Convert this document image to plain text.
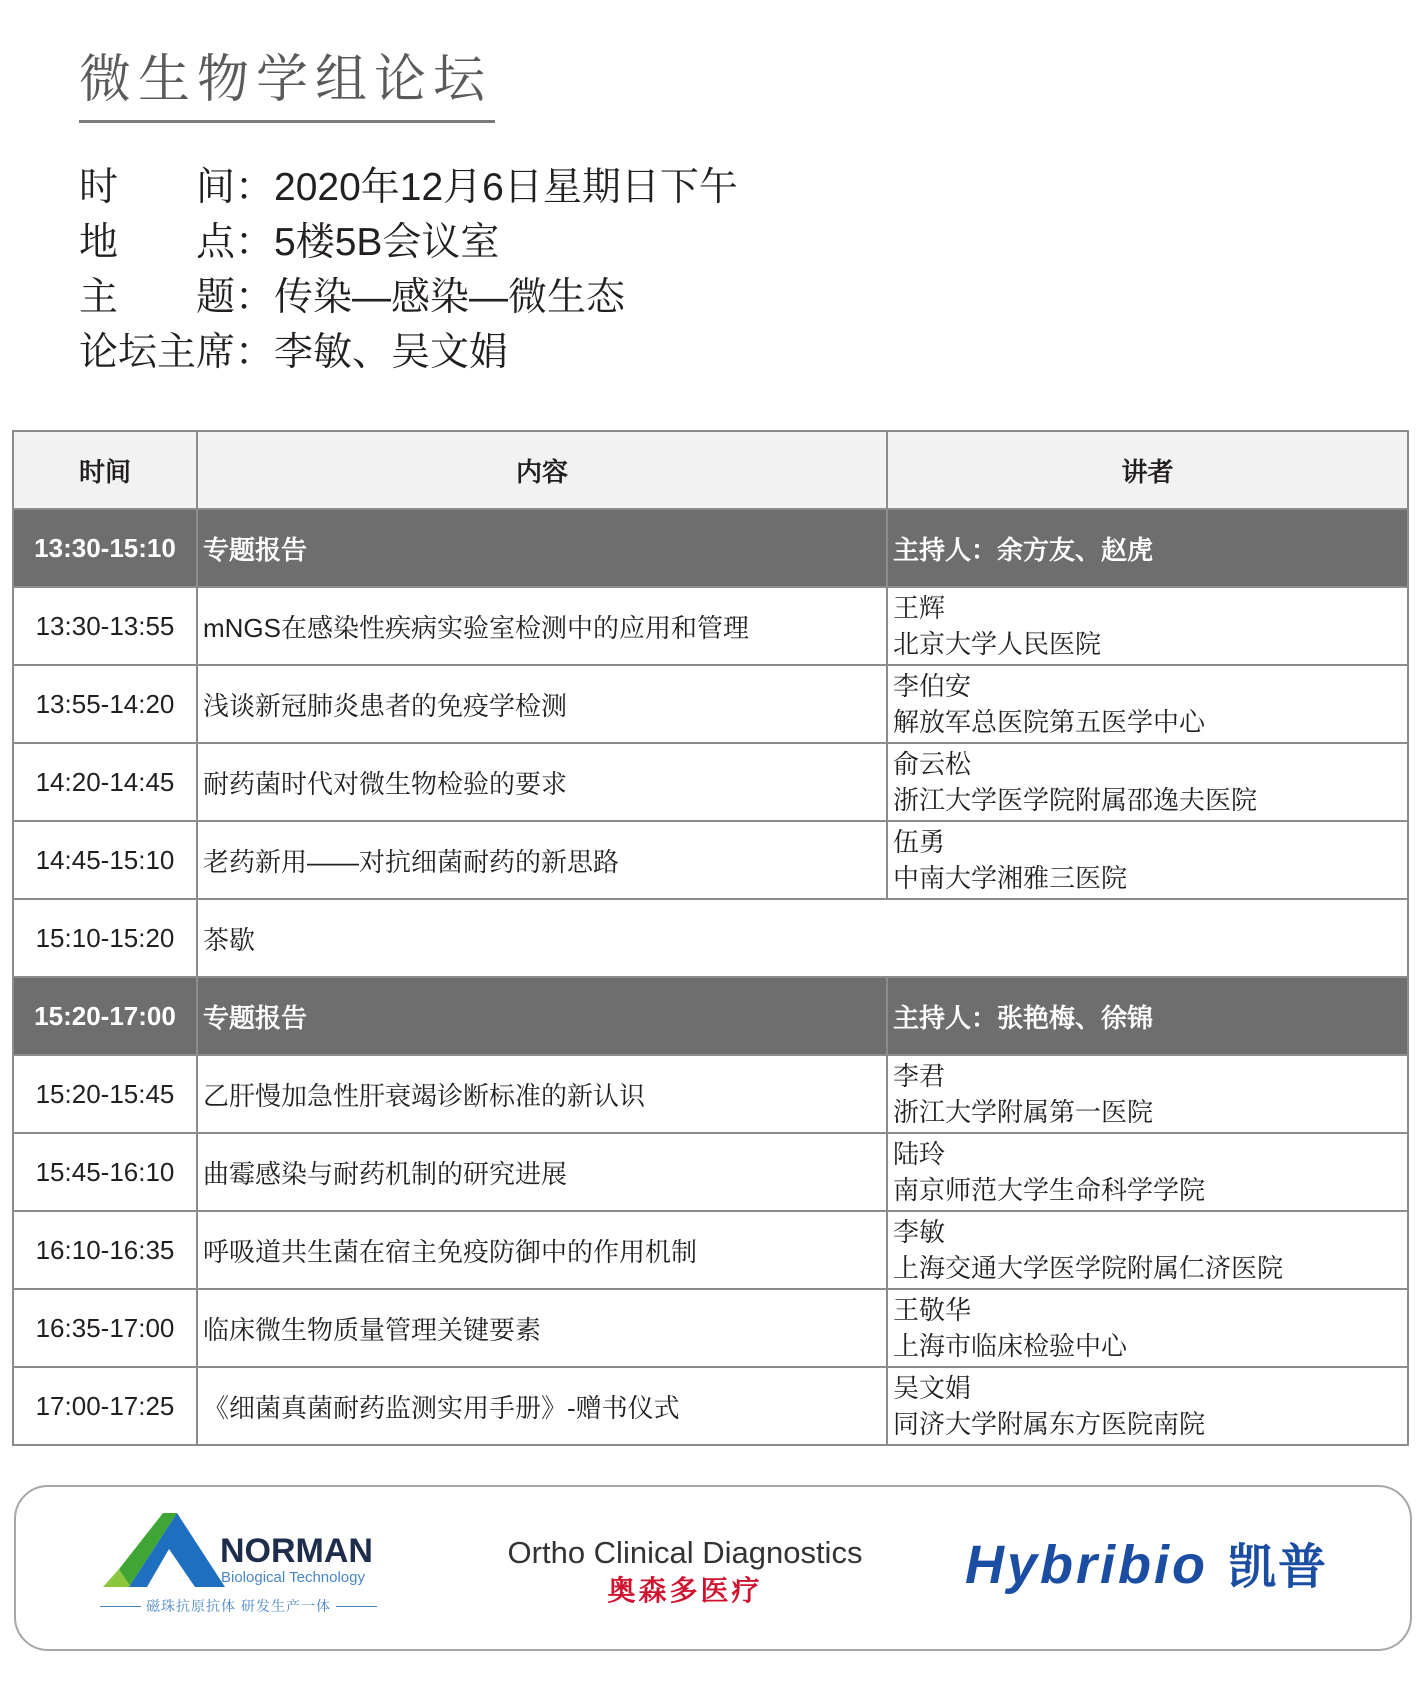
微生物学组论坛
时 间： 2020年12月6日星期日下午
地 点： 5楼5B会议室
主 题： 传染—感染—微生态
论坛主席： 李敏、吴文娟
时间	内容	讲者
13:30-15:10	专题报告	主持人：余方友、赵虎
13:30-13:55	mNGS在感染性疾病实验室检测中的应用和管理	王辉
北京大学人民医院

13:55-14:20	浅谈新冠肺炎患者的免疫学检测	李伯安
解放军总医院第五医学中心

14:20-14:45	耐药菌时代对微生物检验的要求	俞云松
浙江大学医学院附属邵逸夫医院

14:45-15:10	老药新用——对抗细菌耐药的新思路	伍勇
中南大学湘雅三医院

15:10-15:20	茶歇	
15:20-17:00	专题报告	主持人：张艳梅、徐锦
15:20-15:45	乙肝慢加急性肝衰竭诊断标准的新认识	李君
浙江大学附属第一医院

15:45-16:10	曲霉感染与耐药机制的研究进展	陆玲
南京师范大学生命科学学院

16:10-16:35	呼吸道共生菌在宿主免疫防御中的作用机制	李敏
上海交通大学医学院附属仁济医院

16:35-17:00	临床微生物质量管理关键要素	王敬华
上海市临床检验中心

17:00-17:25	《细菌真菌耐药监测实用手册》-赠书仪式	吴文娟
同济大学附属东方医院南院
NORMAN
Biological Technology
磁珠抗原抗体 研发生产一体
Ortho Clinical Diagnostics
奥森多医疗	Hybribio 凯普
